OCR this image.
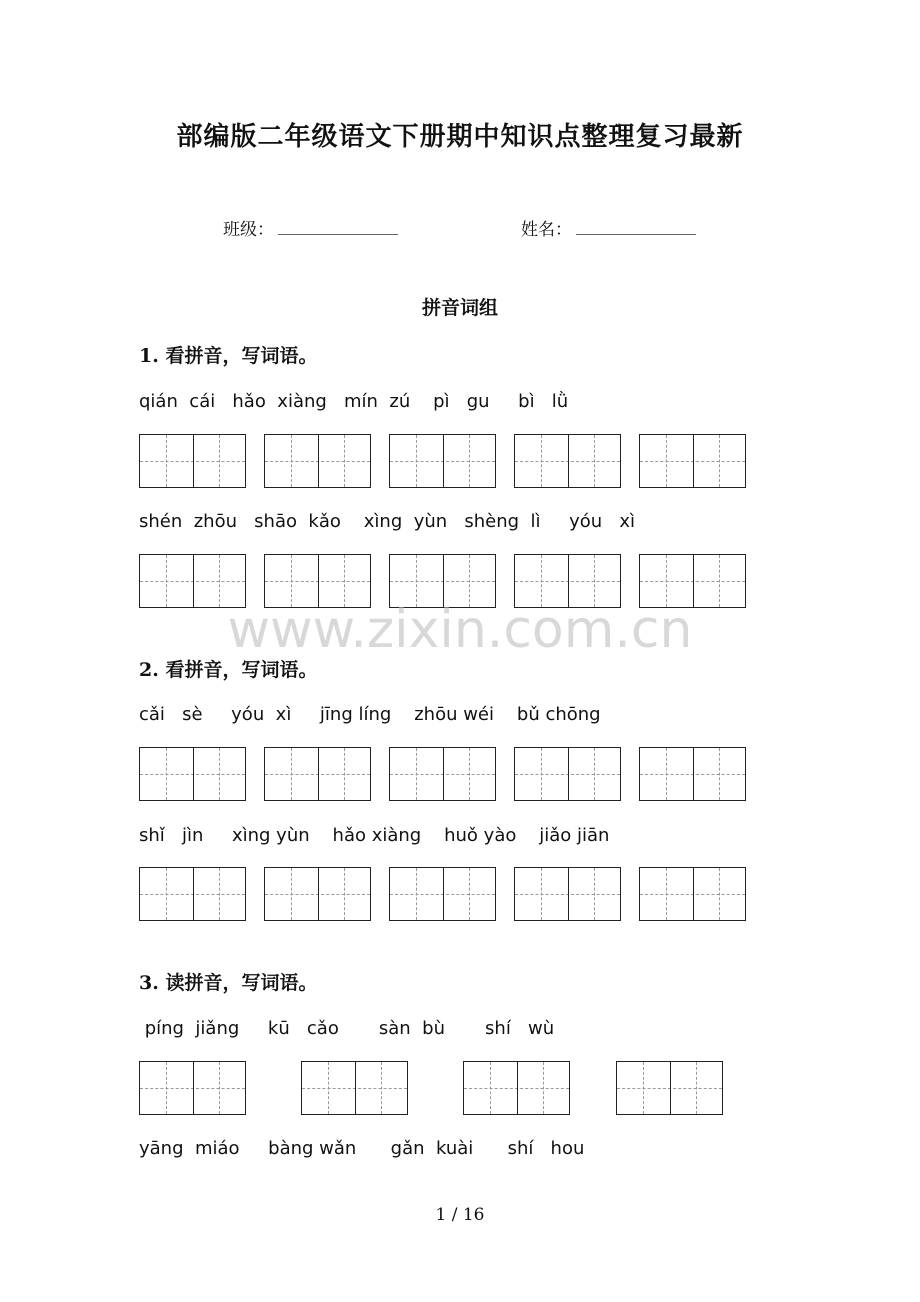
部编版二年级语文下册期中知识点整理复习最新
班级：	姓名：
拼音词组
1. 看拼音，写词语。
qián  cái   hǎo  xiàng   mín  zú    pì   gu     bì   lǜ
shén  zhōu   shāo  kǎo    xìng  yùn   shèng  lì     yóu   xì
www.zixin.com.cn
2. 看拼音，写词语。
cǎi   sè     yóu  xì     jīng líng    zhōu wéi    bǔ chōng
shǐ   jìn     xìng yùn    hǎo xiàng    huǒ yào    jiǎo jiān
3. 读拼音，写词语。
píng  jiǎng     kū   cǎo       sàn  bù       shí   wù
yāng  miáo     bàng wǎn      gǎn  kuài      shí   hou
1 / 16
